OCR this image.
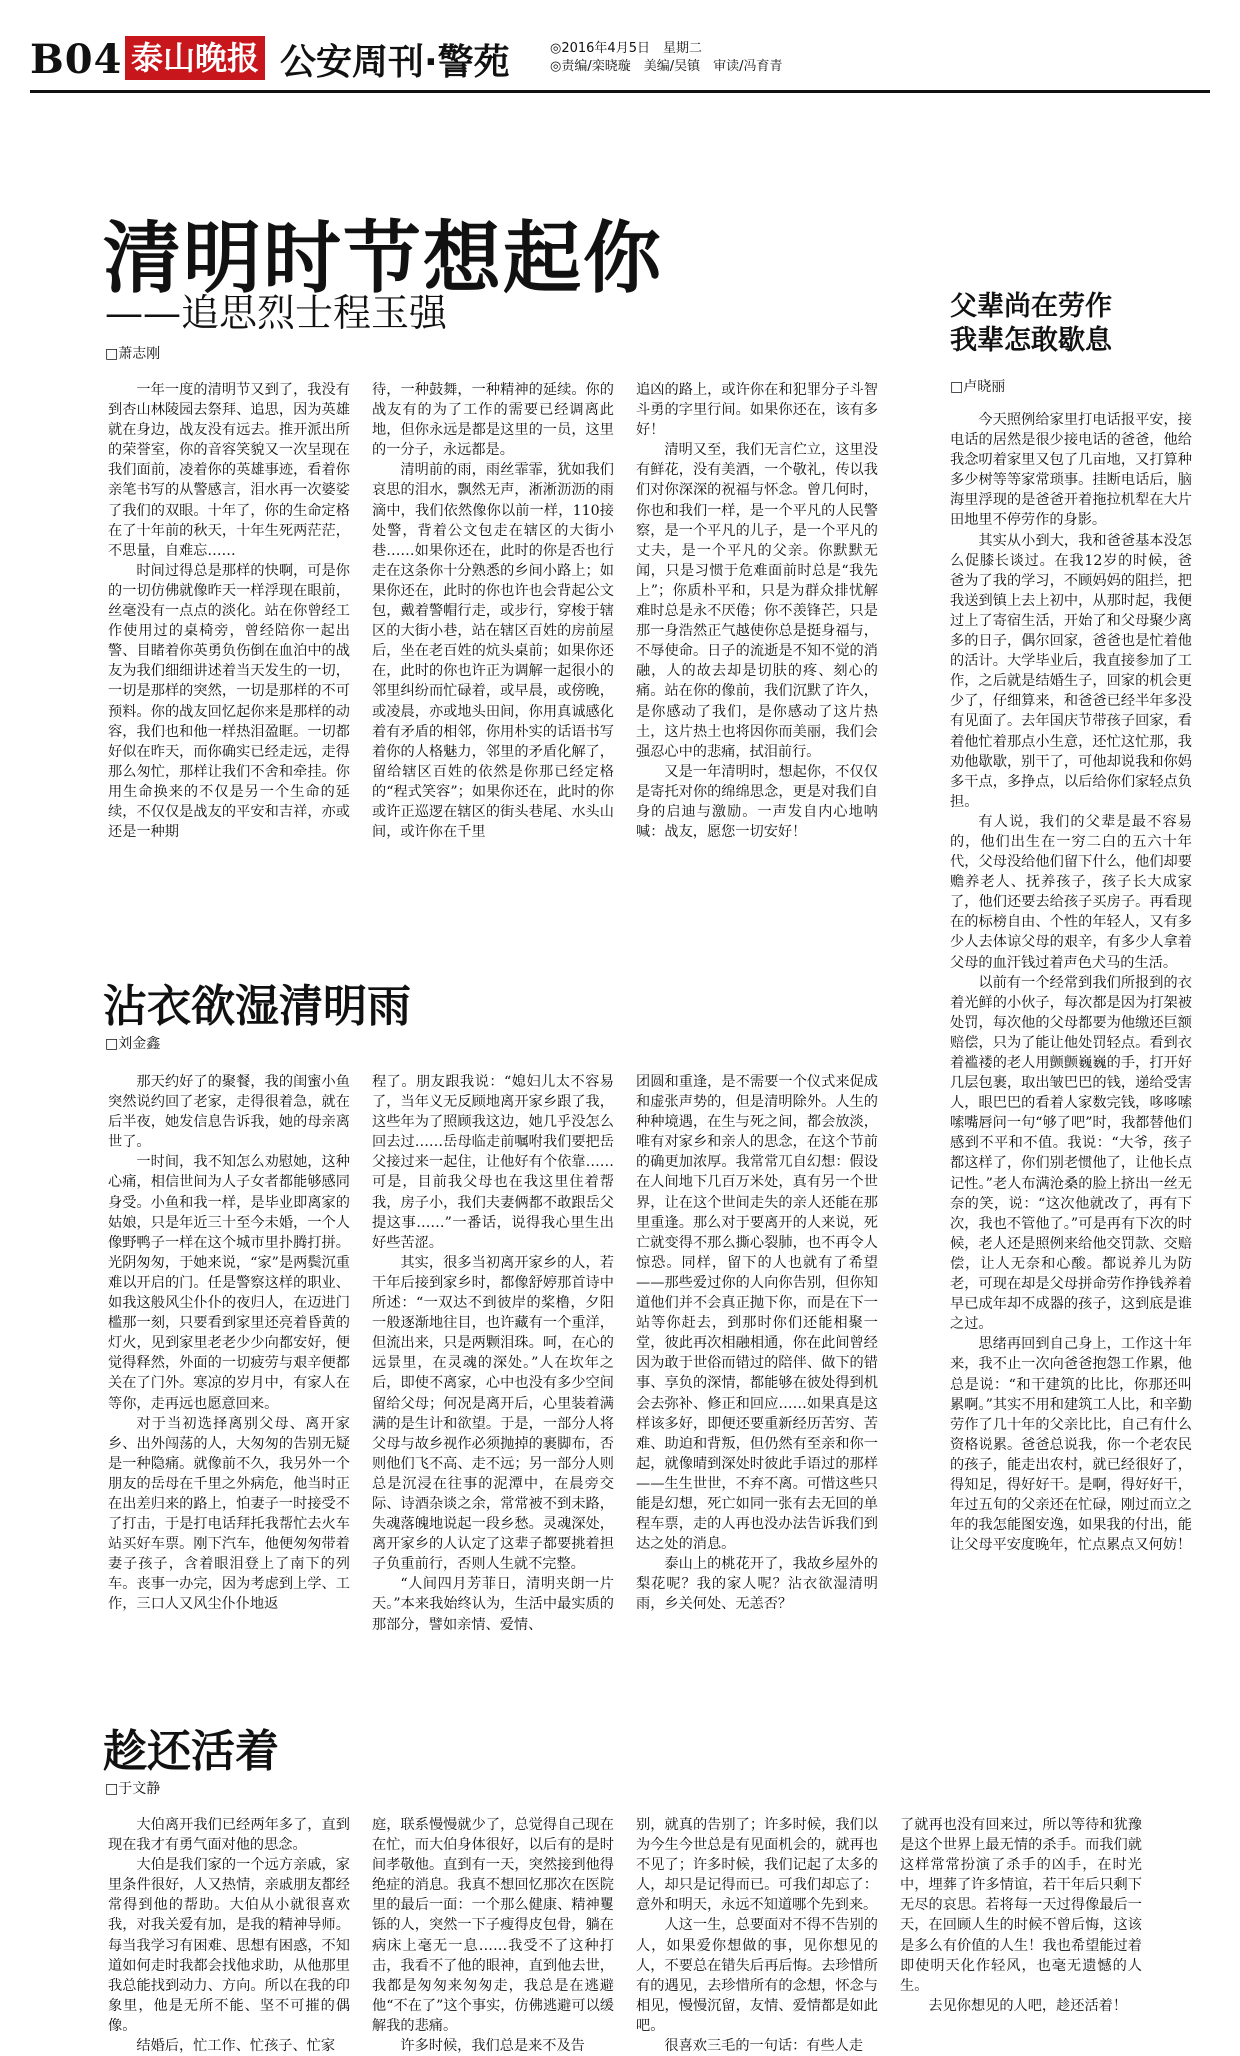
B04 泰山晚报 公安周刊·警苑	◎2016年4月5日　星期二
◎责编/栾晓璇　美编/吴镇　审读/冯育青
清明时节想起你
——追思烈士程玉强
□萧志刚

一年一度的清明节又到了，我没有到杏山林陵园去祭拜、追思，因为英雄就在身边，战友没有远去。推开派出所的荣誉室，你的音容笑貌又一次呈现在我们面前，凌着你的英雄事迹，看着你亲笔书写的从警感言，泪水再一次婆娑了我们的双眼。十年了，你的生命定格在了十年前的秋天，十年生死两茫茫，不思量，自难忘……

时间过得总是那样的快啊，可是你的一切仿佛就像昨天一样浮现在眼前，丝毫没有一点点的淡化。站在你曾经工作使用过的桌椅旁，曾经陪你一起出警、目睹着你英勇负伤倒在血泊中的战友为我们细细讲述着当天发生的一切，一切是那样的突然，一切是那样的不可预料。你的战友回忆起你来是那样的动容，我们也和他一样热泪盈眶。一切都好似在昨天，而你确实已经走远，走得那么匆忙，那样让我们不舍和牵挂。你用生命换来的不仅是另一个生命的延续，不仅仅是战友的平安和吉祥，亦或还是一种期

待，一种鼓舞，一种精神的延续。你的战友有的为了工作的需要已经调离此地，但你永远是都是这里的一员，这里的一分子，永远都是。

清明前的雨，雨丝霏霏，犹如我们哀思的泪水，飘然无声，淅淅沥沥的雨滴中，我们依然像你以前一样，110接处警，背着公文包走在辖区的大街小巷……如果你还在，此时的你是否也行走在这条你十分熟悉的乡间小路上；如果你还在，此时的你也许也会背起公文包，戴着警帽行走，或步行，穿梭于辖区的大街小巷，站在辖区百姓的房前屋后，坐在老百姓的炕头桌前；如果你还在，此时的你也许正为调解一起很小的邻里纠纷而忙碌着，或早晨，或傍晚，或凌晨，亦或地头田间，你用真诚感化着有矛盾的相邻，你用朴实的话语书写着你的人格魅力，邻里的矛盾化解了，留给辖区百姓的依然是你那已经定格的“程式笑容”；如果你还在，此时的你或许正巡逻在辖区的街头巷尾、水头山间，或许你在千里

追凶的路上，或许你在和犯罪分子斗智斗勇的字里行间。如果你还在，该有多好！

清明又至，我们无言伫立，这里没有鲜花，没有美酒，一个敬礼，传以我们对你深深的祝福与怀念。曾几何时，你也和我们一样，是一个平凡的人民警察，是一个平凡的儿子，是一个平凡的丈夫，是一个平凡的父亲。你默默无闻，只是习惯于危难面前时总是“我先上”；你质朴平和，只是为群众排忧解难时总是永不厌倦；你不羡锋芒，只是那一身浩然正气越使你总是挺身福与，不辱使命。日子的流逝是不知不觉的消融，人的故去却是切肤的疼、刻心的痛。站在你的像前，我们沉默了许久，是你感动了我们，是你感动了这片热土，这片热土也将因你而美丽，我们会强忍心中的悲痛，拭泪前行。

又是一年清明时，想起你，不仅仅是寄托对你的绵绵思念，更是对我们自身的启迪与激励。一声发自内心地呐喊：战友，愿您一切安好！

沾衣欲湿清明雨
□刘金鑫

那天约好了的聚餐，我的闺蜜小鱼突然说约回了老家，走得很着急，就在后半夜，她发信息告诉我，她的母亲离世了。

一时间，我不知怎么劝慰她，这种心痛，相信世间为人子女者都能够感同身受。小鱼和我一样，是毕业即离家的姑娘，只是年近三十至今未婚，一个人像野鸭子一样在这个城市里扑腾打拼。光阴匆匆，于她来说，“家”是两鬓沉重难以开启的门。任是警察这样的职业、如我这般风尘仆仆的夜归人，在迈进门槛那一刻，只要看到家里还亮着昏黄的灯火，见到家里老老少少向都安好，便觉得释然，外面的一切疲劳与艰辛便都关在了门外。寒凉的岁月中，有家人在等你，走再远也愿意回来。

对于当初选择离别父母、离开家乡、出外闯荡的人，大匆匆的告别无疑是一种隐痛。就像前不久，我另外一个朋友的岳母在千里之外病危，他当时正在出差归来的路上，怕妻子一时接受不了打击，于是打电话拜托我帮忙去火车站买好车票。刚下汽车，他便匆匆带着妻子孩子，含着眼泪登上了南下的列车。丧事一办完，因为考虑到上学、工作，三口人又风尘仆仆地返

程了。朋友跟我说：“媳妇儿太不容易了，当年义无反顾地离开家乡跟了我，这些年为了照顾我这边，她几乎没怎么回去过……岳母临走前嘱咐我们要把岳父接过来一起住，让他好有个依靠……可是，目前我父母也在我这里住着帮我，房子小，我们夫妻俩都不敢跟岳父提这事……”一番话，说得我心里生出好些苦涩。

其实，很多当初离开家乡的人，若干年后接到家乡时，都像舒婷那首诗中所述：“一双达不到彼岸的桨橹，夕阳一般逐渐地往目，也许藏有一个重洋，但流出来，只是两颗泪珠。呵，在心的远景里，在灵魂的深处。”人在坎年之后，即使不离家，心中也没有多少空间留给父母；何况是离开后，心里装着满满的是生计和欲望。于是，一部分人将父母与故乡视作必须抛掉的裹脚布，否则他们飞不高、走不远；另一部分人则总是沉浸在往事的泥潭中，在晨旁交际、诗酒杂谈之余，常常被不到未路，失魂落魄地说起一段乡愁。灵魂深处，离开家乡的人认定了这辈子都要挑着担子负重前行，否则人生就不完整。

“人间四月芳菲日，清明夹朗一片天。”本来我始终认为，生活中最实质的那部分，譬如亲情、爱情、

团圆和重逢，是不需要一个仪式来促成和虚张声势的，但是清明除外。人生的种种境遇，在生与死之间，都会放淡，唯有对家乡和亲人的思念，在这个节前的确更加浓厚。我常常兀自幻想：假设在人间地下几百万米处，真有另一个世界，让在这个世间走失的亲人还能在那里重逢。那么对于要离开的人来说，死亡就变得不那么撕心裂肺，也不再令人惊恐。同样，留下的人也就有了希望——那些爱过你的人向你告别，但你知道他们并不会真正抛下你，而是在下一站等你赶去，到那时你们还能相聚一堂，彼此再次相融相通，你在此间曾经因为敢于世俗而错过的陪伴、做下的错事、享负的深情，都能够在彼处得到机会去弥补、修正和回应……如果真是这样该多好，即便还要重新经历苦穷、苦难、助迫和背叛，但仍然有至亲和你一起，就像晴到深处时彼此手语过的那样——生生世世，不弃不离。可惜这些只能是幻想，死亡如同一张有去无回的单程车票，走的人再也没办法告诉我们到达之处的消息。

泰山上的桃花开了，我故乡屋外的梨花呢？我的家人呢？沾衣欲湿清明雨，乡关何处、无恙否？

趁还活着
□于文静

大伯离开我们已经两年多了，直到现在我才有勇气面对他的思念。

大伯是我们家的一个远方亲戚，家里条件很好，人又热情，亲戚朋友都经常得到他的帮助。大伯从小就很喜欢我，对我关爱有加，是我的精神导师。每当我学习有困难、思想有困惑，不知道如何走时我都会找他求助，从他那里我总能找到动力、方向。所以在我的印象里，他是无所不能、坚不可摧的偶像。

结婚后，忙工作、忙孩子、忙家

庭，联系慢慢就少了，总觉得自己现在在忙，而大伯身体很好，以后有的是时间孝敬他。直到有一天，突然接到他得绝症的消息。我真不想回忆那次在医院里的最后一面：一个那么健康、精神矍铄的人，突然一下子瘦得皮包骨，躺在病床上毫无一息……我受不了这种打击，我看不了他的眼神，直到他去世，我都是匆匆来匆匆走，我总是在逃避他“不在了”这个事实，仿佛逃避可以缓解我的悲痛。

许多时候，我们总是来不及告

别，就真的告别了；许多时候，我们以为今生今世总是有见面机会的，就再也不见了；许多时候，我们记起了太多的人，却只是记得而已。可我们却忘了：意外和明天，永远不知道哪个先到来。

人这一生，总要面对不得不告别的人，如果爱你想做的事，见你想见的人，不要总在错失后再后悔。去珍惜所有的遇见，去珍惜所有的念想，怀念与相见，慢慢沉留，友情、爱情都是如此吧。

很喜欢三毛的一句话：有些人走

了就再也没有回来过，所以等待和犹豫是这个世界上最无情的杀手。而我们就这样常常扮演了杀手的凶手，在时光中，埋葬了许多情谊，若干年后只剩下无尽的哀思。若将每一天过得像最后一天，在回顾人生的时候不曾后悔，这该是多么有价值的人生！我也希望能过着即使明天化作轻风，也毫无遗憾的人生。

去见你想见的人吧，趁还活着！

父辈尚在劳作
我辈怎敢歇息
□卢晓丽

今天照例给家里打电话报平安，接电话的居然是很少接电话的爸爸，他给我念叨着家里又包了几亩地，又打算种多少树等等家常琐事。挂断电话后，脑海里浮现的是爸爸开着拖拉机犁在大片田地里不停劳作的身影。

其实从小到大，我和爸爸基本没怎么促膝长谈过。在我12岁的时候，爸爸为了我的学习，不顾妈妈的阻拦，把我送到镇上去上初中，从那时起，我便过上了寄宿生活，开始了和父母聚少离多的日子，偶尔回家，爸爸也是忙着他的活计。大学毕业后，我直接参加了工作，之后就是结婚生子，回家的机会更少了，仔细算来，和爸爸已经半年多没有见面了。去年国庆节带孩子回家，看着他忙着那点小生意，还忙这忙那，我劝他歇歇，别干了，可他却说我和你妈多干点，多挣点，以后给你们家轻点负担。

有人说，我们的父辈是最不容易的，他们出生在一穷二白的五六十年代，父母没给他们留下什么，他们却要赡养老人、抚养孩子，孩子长大成家了，他们还要去给孩子买房子。再看现在的标榜自由、个性的年轻人，又有多少人去体谅父母的艰辛，有多少人拿着父母的血汗钱过着声色犬马的生活。

以前有一个经常到我们所报到的衣着光鲜的小伙子，每次都是因为打架被处罚，每次他的父母都要为他缴还巨额赔偿，只为了能让他处罚轻点。看到衣着褴褛的老人用颤颤巍巍的手，打开好几层包裹，取出皱巴巴的钱，递给受害人，眼巴巴的看着人家数完钱，哆哆嗦嗦嘴唇问一句“够了吧”时，我都替他们感到不平和不值。我说：“大爷，孩子都这样了，你们别老惯他了，让他长点记性。”老人布满沧桑的脸上挤出一丝无奈的笑，说：“这次他就改了，再有下次，我也不管他了。”可是再有下次的时候，老人还是照例来给他交罚款、交赔偿，让人无奈和心酸。都说养儿为防老，可现在却是父母拼命劳作挣钱养着早已成年却不成器的孩子，这到底是谁之过。

思绪再回到自己身上，工作这十年来，我不止一次向爸爸抱怨工作累，他总是说：“和干建筑的比比，你那还叫累啊。”其实不用和建筑工人比，和辛勤劳作了几十年的父亲比比，自己有什么资格说累。爸爸总说我，你一个老农民的孩子，能走出农村，就已经很好了，得知足，得好好干。是啊，得好好干，年过五旬的父亲还在忙碌，刚过而立之年的我怎能图安逸，如果我的付出，能让父母平安度晚年，忙点累点又何妨！
